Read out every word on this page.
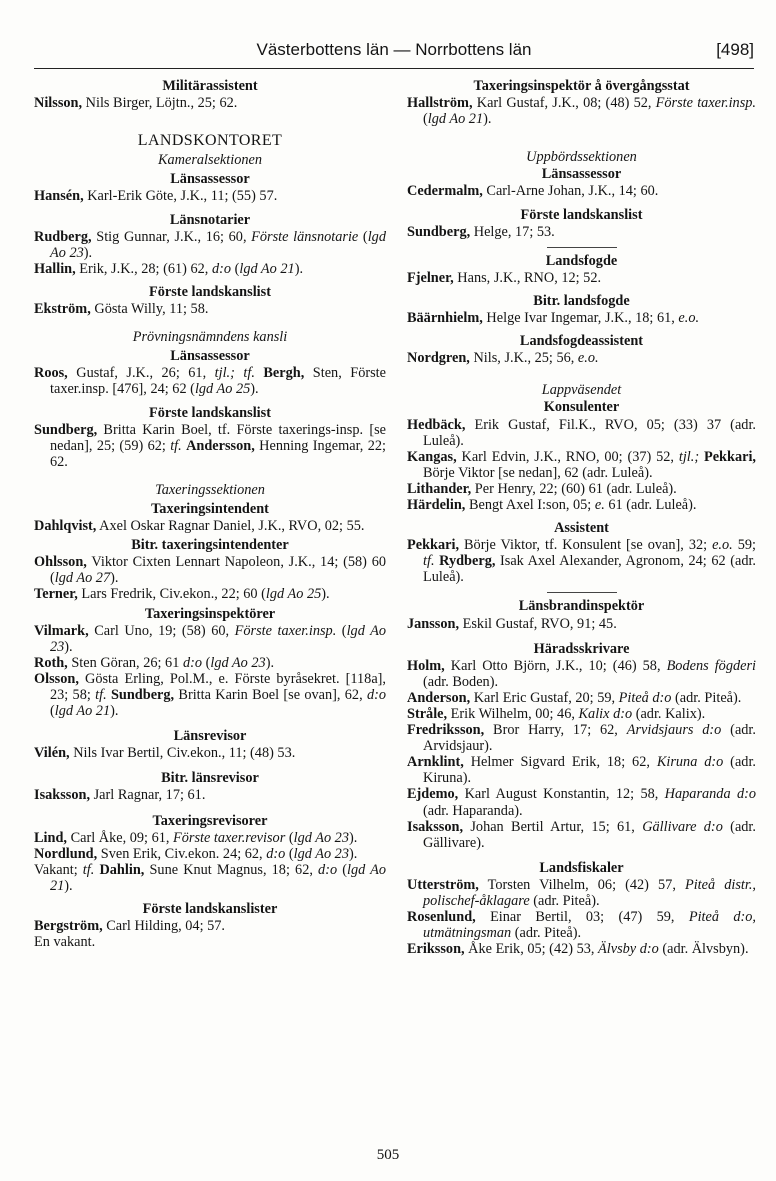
Västerbottens län — Norrbottens län	[498]
Militärassistent
Nilsson, Nils Birger, Löjtn., 25; 62.
LANDSKONTORET
Kameralsektionen
Länsassessor
Hansén, Karl-Erik Göte, J.K., 11; (55) 57.
Länsnotarier
Rudberg, Stig Gunnar, J.K., 16; 60, Förste länsnotarie (lgd Ao 23).
Hallin, Erik, J.K., 28; (61) 62, d:o (lgd Ao 21).
Förste landskanslist
Ekström, Gösta Willy, 11; 58.
Prövningsnämndens kansli
Länsassessor
Roos, Gustaf, J.K., 26; 61, tjl.; tf. Bergh, Sten, Förste taxer.insp. [476], 24; 62 (lgd Ao 25).
Förste landskanslist
Sundberg, Britta Karin Boel, tf. Förste taxerings-insp. [se nedan], 25; (59) 62; tf. Andersson, Henning Ingemar, 22; 62.
Taxeringssektionen
Taxeringsintendent
Dahlqvist, Axel Oskar Ragnar Daniel, J.K., RVO, 02; 55.
Bitr. taxeringsintendenter
Ohlsson, Viktor Cixten Lennart Napoleon, J.K., 14; (58) 60 (lgd Ao 27).
Terner, Lars Fredrik, Civ.ekon., 22; 60 (lgd Ao 25).
Taxeringsinspektörer
Vilmark, Carl Uno, 19; (58) 60, Förste taxer.insp. (lgd Ao 23).
Roth, Sten Göran, 26; 61 d:o (lgd Ao 23).
Olsson, Gösta Erling, Pol.M., e. Förste byråsekret. [118a], 23; 58; tf. Sundberg, Britta Karin Boel [se ovan], 62, d:o (lgd Ao 21).
Länsrevisor
Vilén, Nils Ivar Bertil, Civ.ekon., 11; (48) 53.
Bitr. länsrevisor
Isaksson, Jarl Ragnar, 17; 61.
Taxeringsrevisorer
Lind, Carl Åke, 09; 61, Förste taxer.revisor (lgd Ao 23).
Nordlund, Sven Erik, Civ.ekon. 24; 62, d:o (lgd Ao 23).
Vakant; tf. Dahlin, Sune Knut Magnus, 18; 62, d:o (lgd Ao 21).
Förste landskanslister
Bergström, Carl Hilding, 04; 57.
En vakant.
Taxeringsinspektör å övergångsstat
Hallström, Karl Gustaf, J.K., 08; (48) 52, Förste taxer.insp. (lgd Ao 21).
Uppbördssektionen
Länsassessor
Cedermalm, Carl-Arne Johan, J.K., 14; 60.
Förste landskanslist
Sundberg, Helge, 17; 53.
Landsfogde
Fjelner, Hans, J.K., RNO, 12; 52.
Bitr. landsfogde
Bäärnhielm, Helge Ivar Ingemar, J.K., 18; 61, e.o.
Landsfogdeassistent
Nordgren, Nils, J.K., 25; 56, e.o.
Lappväsendet
Konsulenter
Hedbäck, Erik Gustaf, Fil.K., RVO, 05; (33) 37 (adr. Luleå).
Kangas, Karl Edvin, J.K., RNO, 00; (37) 52, tjl.; Pekkari, Börje Viktor [se nedan], 62 (adr. Luleå).
Lithander, Per Henry, 22; (60) 61 (adr. Luleå).
Härdelin, Bengt Axel I:son, 05; e. 61 (adr. Luleå).
Assistent
Pekkari, Börje Viktor, tf. Konsulent [se ovan], 32; e.o. 59; tf. Rydberg, Isak Axel Alexander, Agronom, 24; 62 (adr. Luleå).
Länsbrandinspektör
Jansson, Eskil Gustaf, RVO, 91; 45.
Häradsskrivare
Holm, Karl Otto Björn, J.K., 10; (46) 58, Bodens fögderi (adr. Boden).
Anderson, Karl Eric Gustaf, 20; 59, Piteå d:o (adr. Piteå).
Stråle, Erik Wilhelm, 00; 46, Kalix d:o (adr. Kalix).
Fredriksson, Bror Harry, 17; 62, Arvidsjaurs d:o (adr. Arvidsjaur).
Arnklint, Helmer Sigvard Erik, 18; 62, Kiruna d:o (adr. Kiruna).
Ejdemo, Karl August Konstantin, 12; 58, Haparanda d:o (adr. Haparanda).
Isaksson, Johan Bertil Artur, 15; 61, Gällivare d:o (adr. Gällivare).
Landsfiskaler
Utterström, Torsten Vilhelm, 06; (42) 57, Piteå distr., polischef-åklagare (adr. Piteå).
Rosenlund, Einar Bertil, 03; (47) 59, Piteå d:o, utmätningsman (adr. Piteå).
Eriksson, Åke Erik, 05; (42) 53, Älvsby d:o (adr. Älvsbyn).
505
